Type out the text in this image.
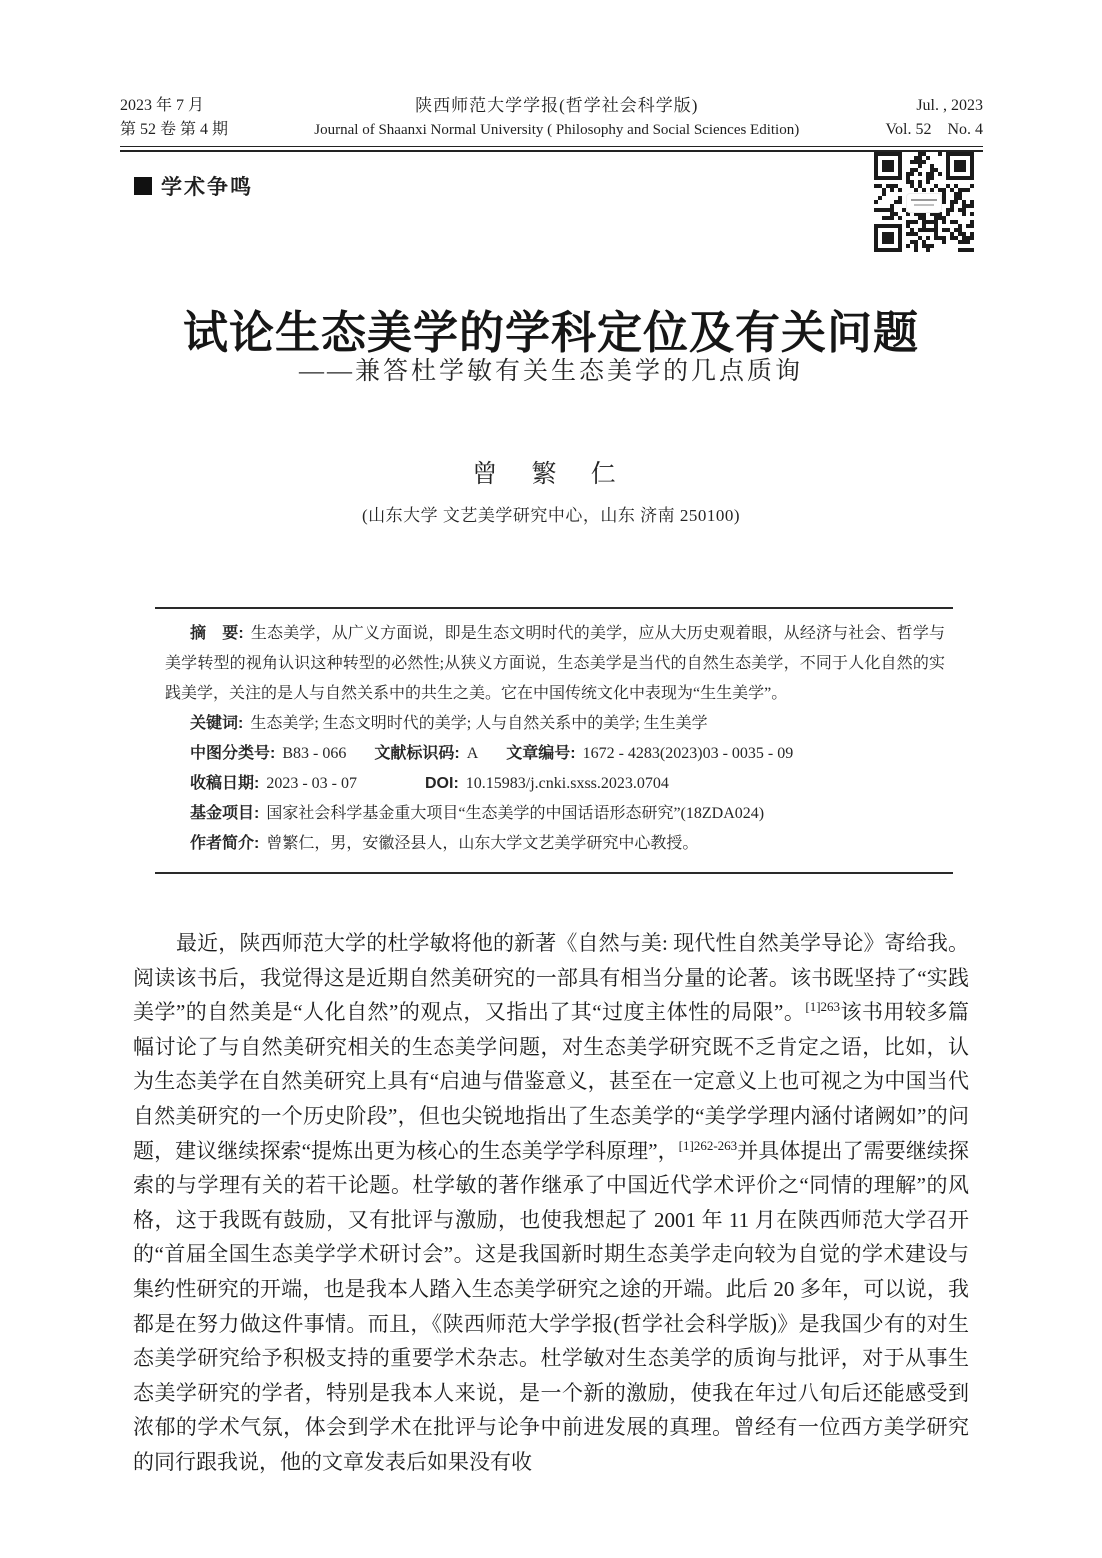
2023 年 7 月
第 52 卷 第 4 期
陕西师范大学学报(哲学社会科学版)
Journal of Shaanxi Normal University ( Philosophy and Social Sciences Edition)
Jul. , 2023
Vol. 52　No. 4
学术争鸣
试论生态美学的学科定位及有关问题
——兼答杜学敏有关生态美学的几点质询
曾 繁 仁
(山东大学 文艺美学研究中心，山东 济南 250100)

摘　要: 生态美学，从广义方面说，即是生态文明时代的美学，应从大历史观着眼，从经济与社会、哲学与美学转型的视角认识这种转型的必然性;从狭义方面说，生态美学是当代的自然生态美学，不同于人化自然的实践美学，关注的是人与自然关系中的共生之美。它在中国传统文化中表现为“生生美学”。

关键词: 生态美学; 生态文明时代的美学; 人与自然关系中的美学; 生生美学
中图分类号: B83 - 066 文献标识码: A 文章编号: 1672 - 4283(2023)03 - 0035 - 09
收稿日期: 2023 - 03 - 07	DOI: 10.15983/j.cnki.sxss.2023.0704
基金项目: 国家社会科学基金重大项目“生态美学的中国话语形态研究”(18ZDA024)
作者简介: 曾繁仁，男，安徽泾县人，山东大学文艺美学研究中心教授。

最近，陕西师范大学的杜学敏将他的新著《自然与美: 现代性自然美学导论》寄给我。阅读该书后，我觉得这是近期自然美研究的一部具有相当分量的论著。该书既坚持了“实践美学”的自然美是“人化自然”的观点，又指出了其“过度主体性的局限”。$^{[1]263}$该书用较多篇幅讨论了与自然美研究相关的生态美学问题，对生态美学研究既不乏肯定之语，比如，认为生态美学在自然美研究上具有“启迪与借鉴意义，甚至在一定意义上也可视之为中国当代自然美研究的一个历史阶段”，但也尖锐地指出了生态美学的“美学学理内涵付诸阙如”的问题，建议继续探索“提炼出更为核心的生态美学学科原理”，$^{[1]262-263}$并具体提出了需要继续探索的与学理有关的若干论题。杜学敏的著作继承了中国近代学术评价之“同情的理解”的风格，这于我既有鼓励，又有批评与激励，也使我想起了 2001 年 11 月在陕西师范大学召开的“首届全国生态美学学术研讨会”。这是我国新时期生态美学走向较为自觉的学术建设与集约性研究的开端，也是我本人踏入生态美学研究之途的开端。此后 20 多年，可以说，我都是在努力做这件事情。而且，《陕西师范大学学报(哲学社会科学版)》是我国少有的对生态美学研究给予积极支持的重要学术杂志。杜学敏对生态美学的质询与批评，对于从事生态美学研究的学者，特别是我本人来说，是一个新的激励，使我在年过八旬后还能感受到浓郁的学术气氛，体会到学术在批评与论争中前进发展的真理。曾经有一位西方美学研究的同行跟我说，他的文章发表后如果没有收
